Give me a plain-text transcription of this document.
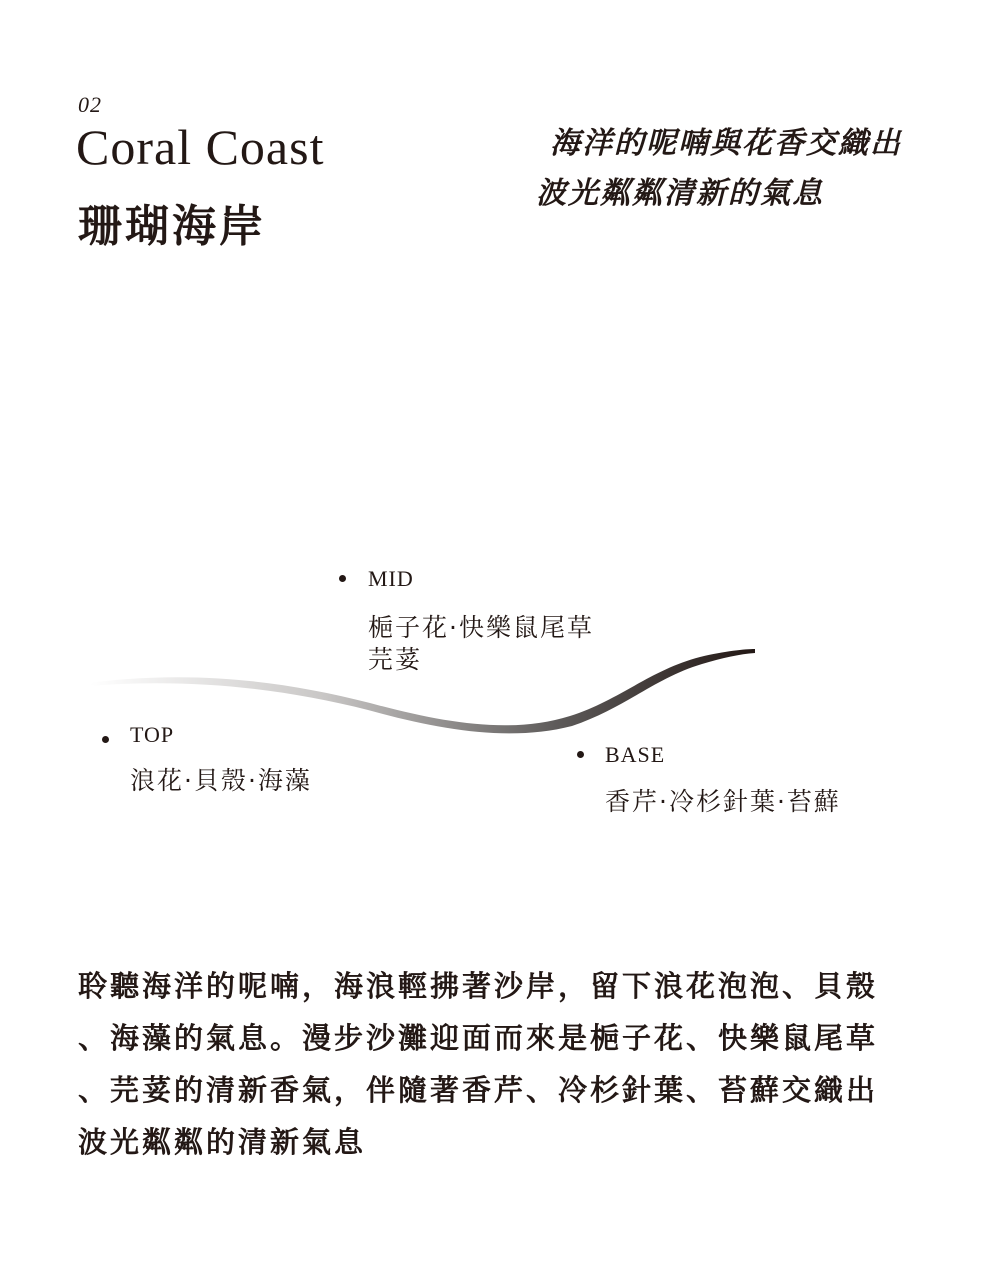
02
Coral Coast
珊瑚海岸
海洋的呢喃與花香交織出
波光粼粼清新的氣息
MID
梔子花·快樂鼠尾草
芫荽
TOP
浪花·貝殼·海藻
BASE
香芹·冷杉針葉·苔蘚
聆聽海洋的呢喃，海浪輕拂著沙岸，留下浪花泡泡、貝殼
、海藻的氣息。漫步沙灘迎面而來是梔子花、快樂鼠尾草
、芫荽的清新香氣，伴隨著香芹、冷杉針葉、苔蘚交織出
波光粼粼的清新氣息
